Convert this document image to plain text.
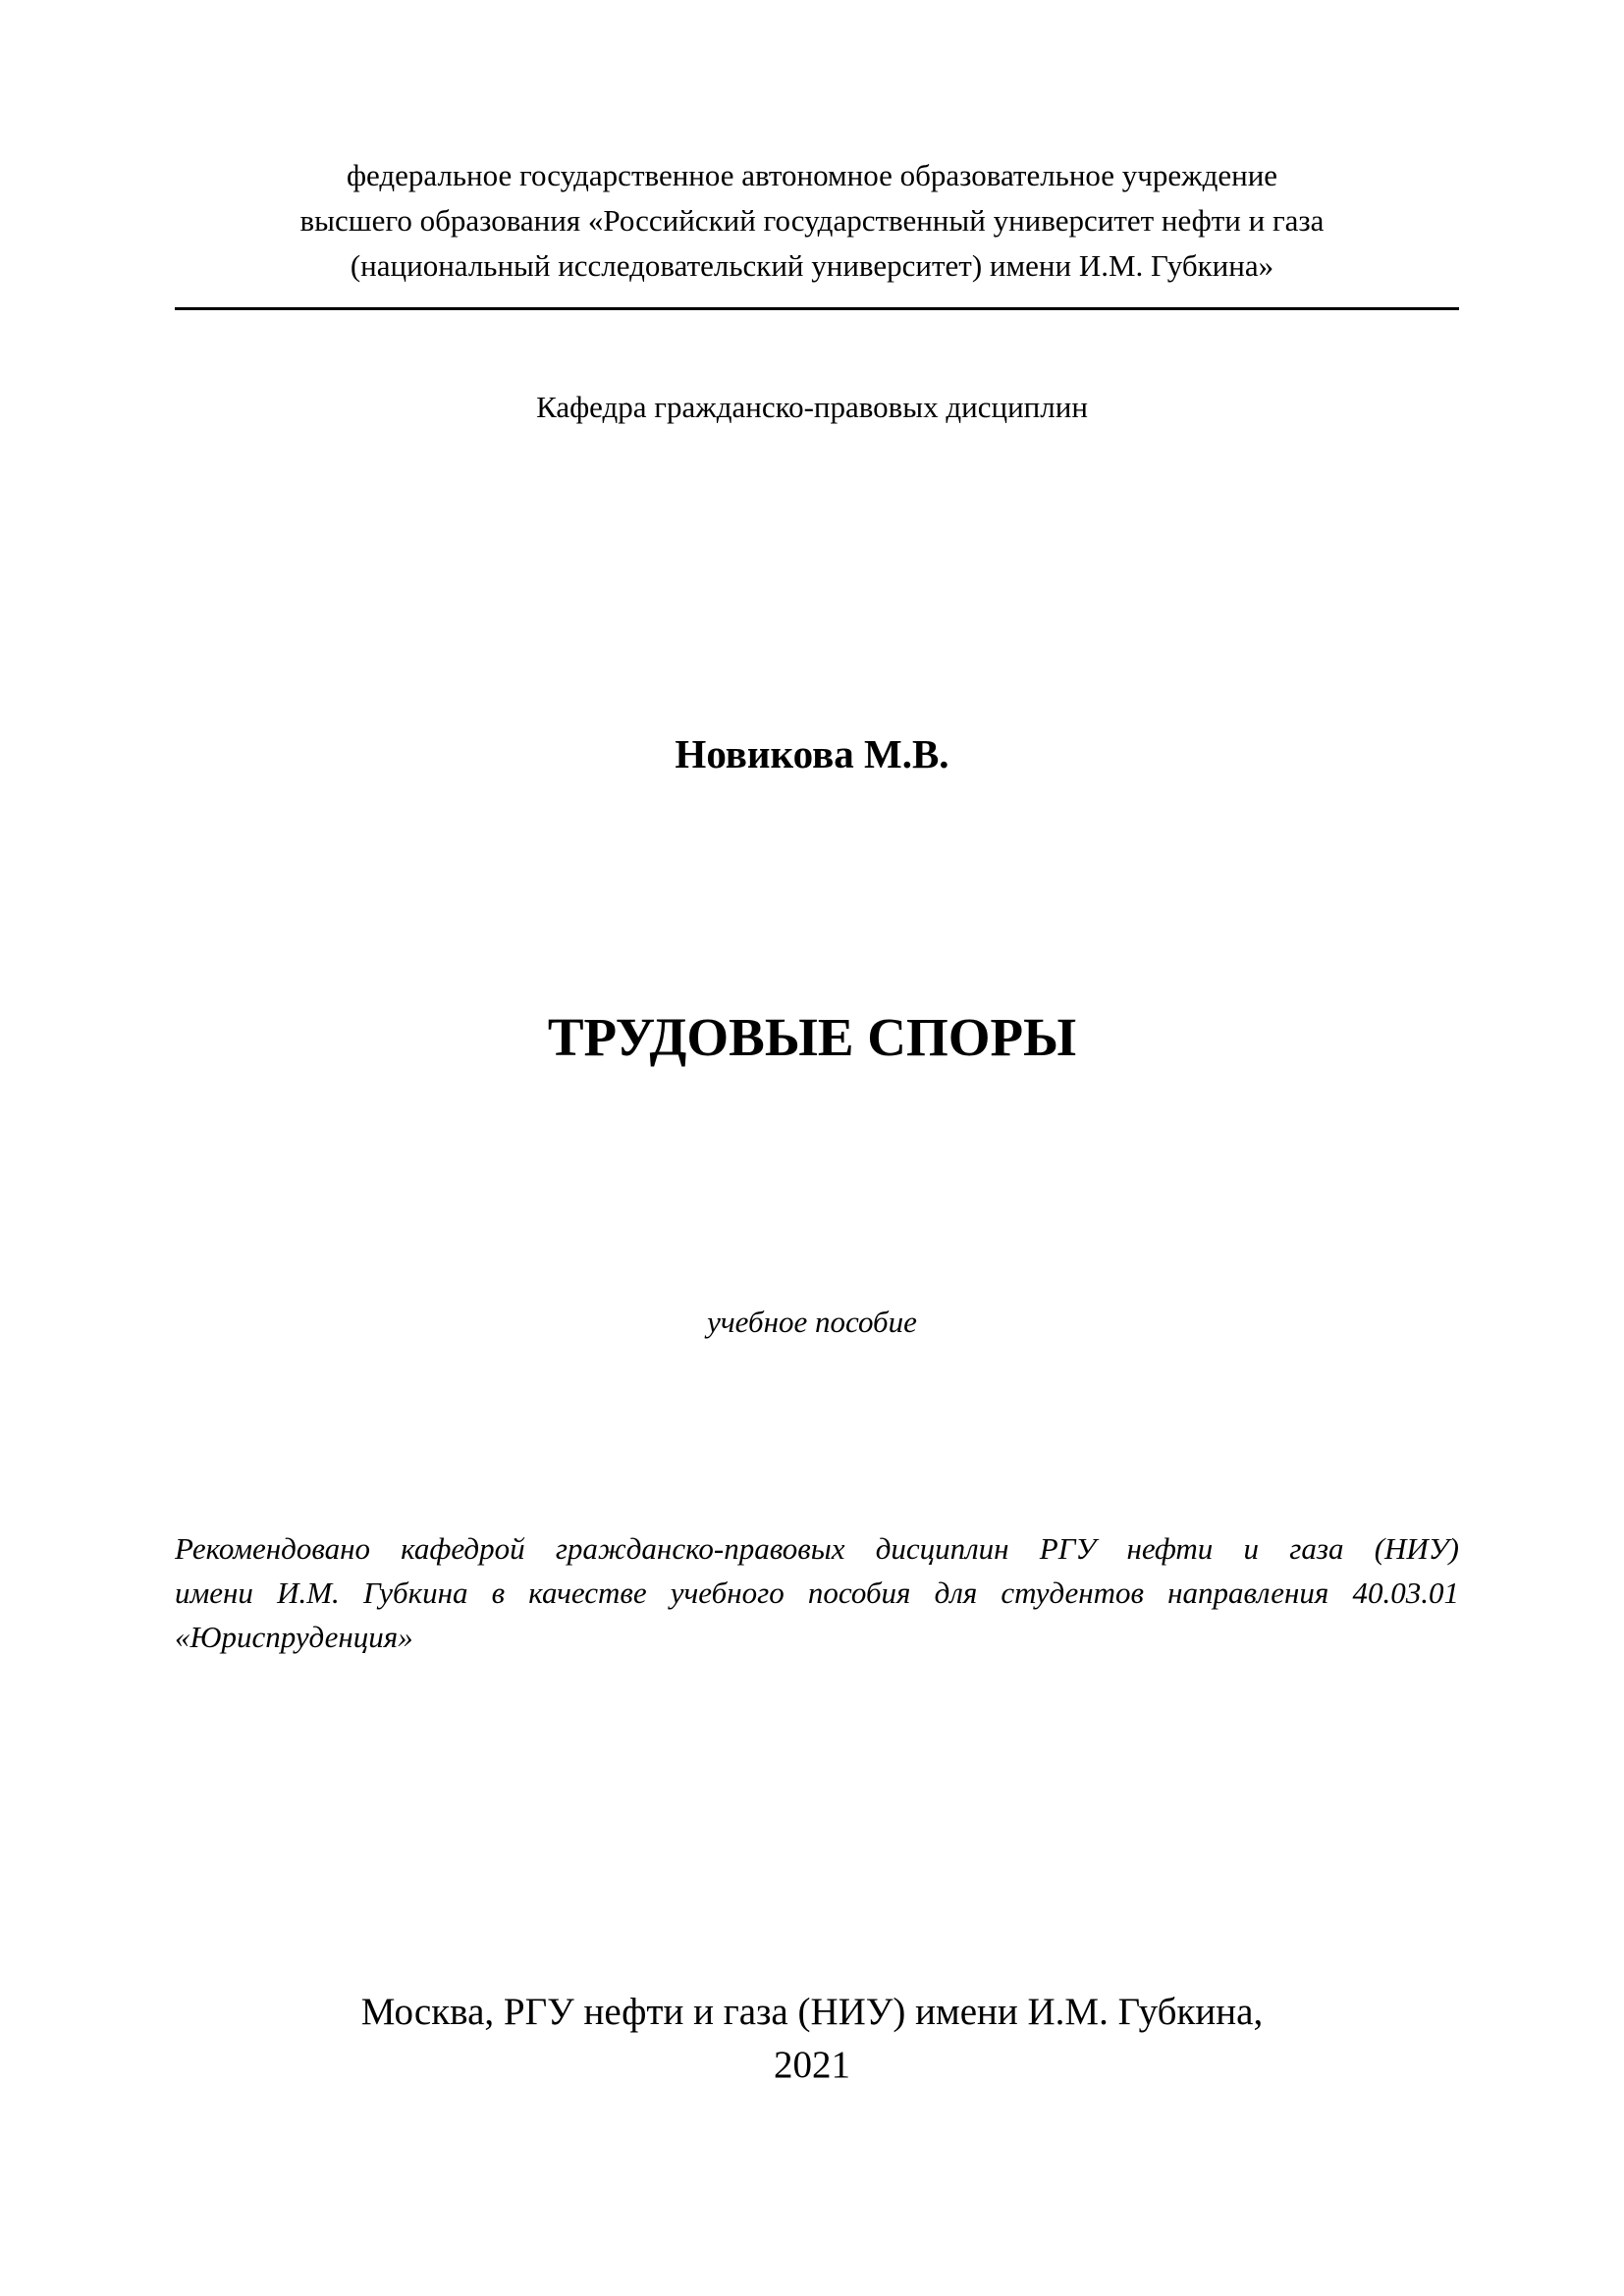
федеральное государственное автономное образовательное учреждение
высшего образования «Российский государственный университет нефти и газа
(национальный исследовательский университет) имени И.М. Губкина»
Кафедра гражданско-правовых дисциплин
Новикова М.В.
ТРУДОВЫЕ СПОРЫ
учебное пособие
Рекомендовано кафедрой гражданско-правовых дисциплин РГУ нефти и газа (НИУ)
имени И.М. Губкина в качестве учебного пособия для студентов направления 40.03.01
«Юриспруденция»
Москва, РГУ нефти и газа (НИУ) имени И.М. Губкина,
2021
